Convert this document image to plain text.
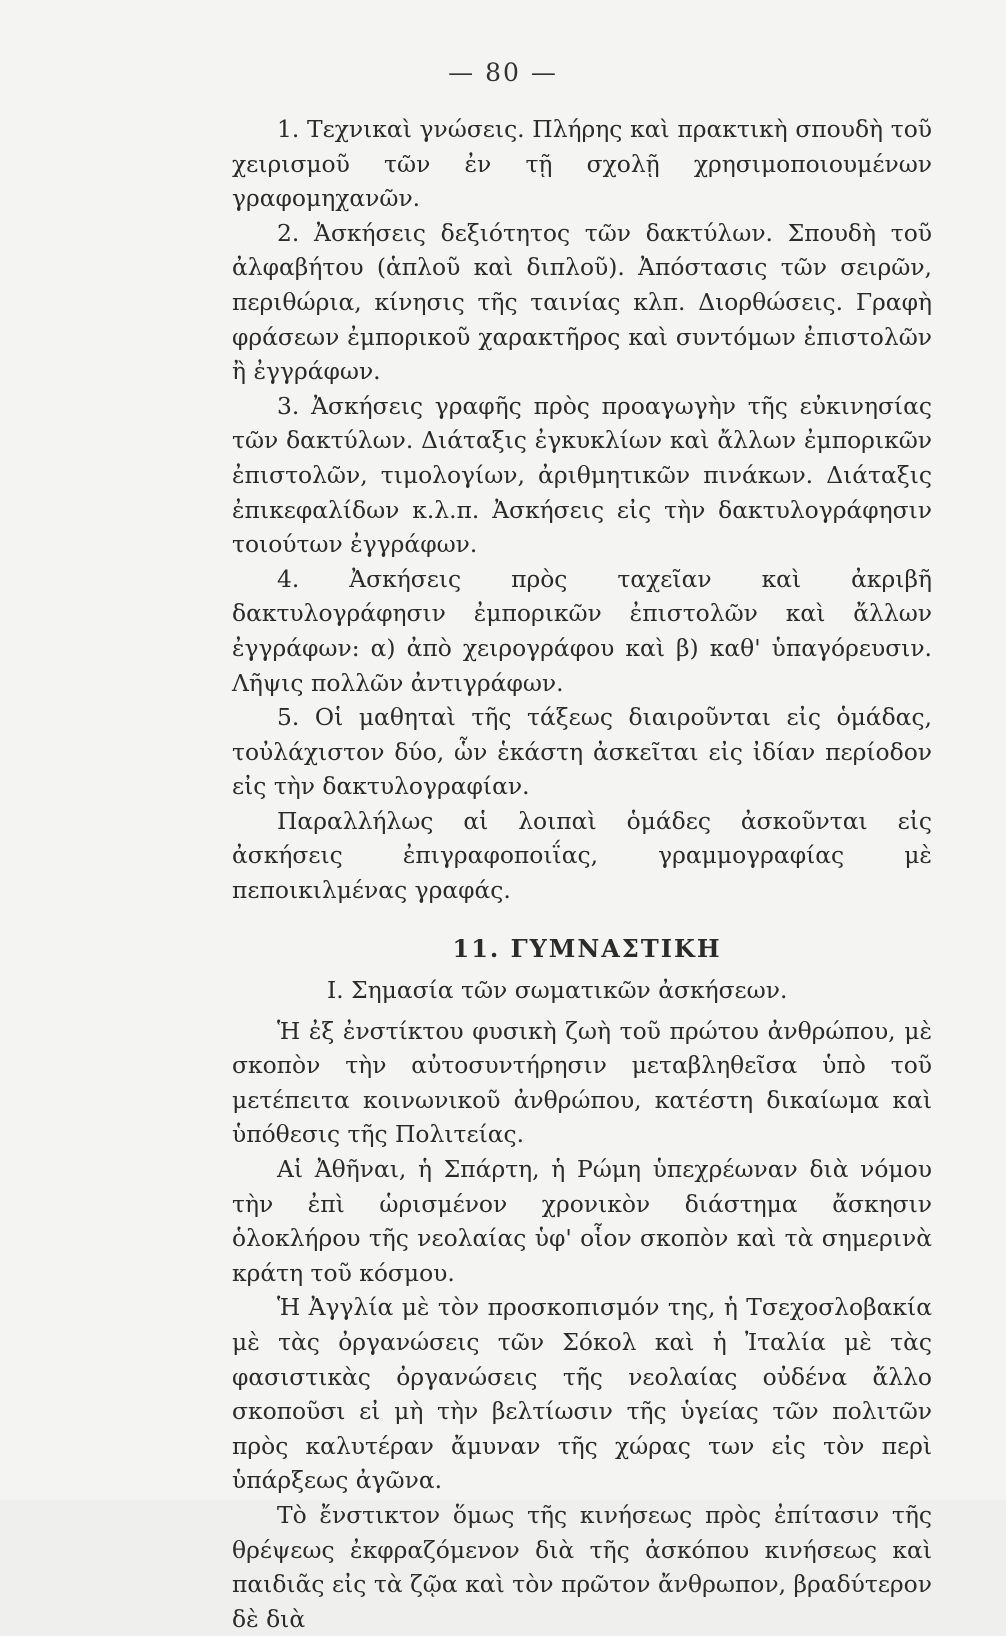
— 80 —

1. Τεχνικαὶ γνώσεις. Πλήρης καὶ πρακτικὴ σπουδὴ τοῦ χειρισμοῦ τῶν ἐν τῇ σχολῇ χρησιμοποιουμένων γραφομηχανῶν.

2. Ἀσκήσεις δεξιότητος τῶν δακτύλων. Σπουδὴ τοῦ ἀλφαβήτου (ἁπλοῦ καὶ διπλοῦ). Ἀπόστασις τῶν σειρῶν, περιθώρια, κίνησις τῆς ταινίας κλπ. Διορθώσεις. Γραφὴ φράσεων ἐμπορικοῦ χαρακτῆρος καὶ συντόμων ἐπιστολῶν ἢ ἐγγράφων.

3. Ἀσκήσεις γραφῆς πρὸς προαγωγὴν τῆς εὐκινησίας τῶν δακτύλων. Διάταξις ἐγκυκλίων καὶ ἄλλων ἐμπορικῶν ἐπιστολῶν, τιμολογίων, ἀριθμητικῶν πινάκων. Διάταξις ἐπικεφαλίδων κ.λ.π. Ἀσκήσεις εἰς τὴν δακτυλογράφησιν τοιούτων ἐγγράφων.

4. Ἀσκήσεις πρὸς ταχεῖαν καὶ ἀκριβῆ δακτυλογράφησιν ἐμπορικῶν ἐπιστολῶν καὶ ἄλλων ἐγγράφων: α) ἀπὸ χειρογράφου καὶ β) καθ' ὑπαγόρευσιν. Λῆψις πολλῶν ἀντιγράφων.

5. Οἱ μαθηταὶ τῆς τάξεως διαιροῦνται εἰς ὁμάδας, τοὐλάχιστον δύο, ὧν ἑκάστη ἀσκεῖται εἰς ἰδίαν περίοδον εἰς τὴν δακτυλογραφίαν.

Παραλλήλως αἱ λοιπαὶ ὁμάδες ἀσκοῦνται εἰς ἀσκήσεις ἐπιγραφοποιΐας, γραμμογραφίας μὲ πεποικιλμένας γραφάς.

11. ΓΥΜΝΑΣΤΙΚΗ

I. Σημασία τῶν σωματικῶν ἀσκήσεων.

Ἡ ἐξ ἐνστίκτου φυσικὴ ζωὴ τοῦ πρώτου ἀνθρώπου, μὲ σκοπὸν τὴν αὐτοσυντήρησιν μεταβληθεῖσα ὑπὸ τοῦ μετέπειτα κοινωνικοῦ ἀνθρώπου, κατέστη δικαίωμα καὶ ὑπόθεσις τῆς Πολιτείας.

Αἱ Ἀθῆναι, ἡ Σπάρτη, ἡ Ρώμη ὑπεχρέωναν διὰ νόμου τὴν ἐπὶ ὡρισμένον χρονικὸν διάστημα ἄσκησιν ὁλοκλήρου τῆς νεολαίας ὑφ' οἷον σκοπὸν καὶ τὰ σημερινὰ κράτη τοῦ κόσμου.

Ἡ Ἀγγλία μὲ τὸν προσκοπισμόν της, ἡ Τσεχοσλοβακία μὲ τὰς ὀργανώσεις τῶν Σόκολ καὶ ἡ Ἰταλία μὲ τὰς φασιστικὰς ὀργανώσεις τῆς νεολαίας οὐδένα ἄλλο σκοποῦσι εἰ μὴ τὴν βελτίωσιν τῆς ὑγείας τῶν πολιτῶν πρὸς καλυτέραν ἄμυναν τῆς χώρας των εἰς τὸν περὶ ὑπάρξεως ἀγῶνα.

Τὸ ἔνστικτον ὅμως τῆς κινήσεως πρὸς ἐπίτασιν τῆς θρέψεως ἐκφραζόμενον διὰ τῆς ἀσκόπου κινήσεως καὶ παιδιᾶς εἰς τὰ ζῷα καὶ τὸν πρῶτον ἄνθρωπον, βραδύτερον δὲ διὰ
